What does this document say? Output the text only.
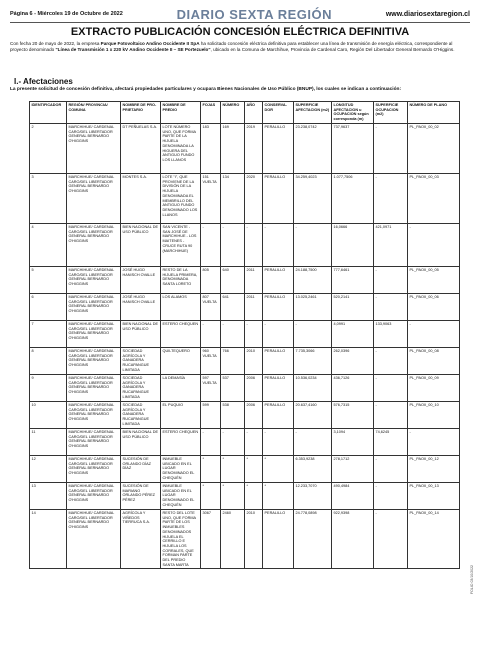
Página 6 - Miércoles 19 de Octubre de 2022	DIARIO SEXTA REGIÓN	www.diariosextaregion.cl
EXTRACTO PUBLICACIÓN CONCESIÓN ELÉCTRICA DEFINITIVA
Con fecha 20 de mayo de 2022, la empresa Parque Fotovoltaico Andino Occidente II SpA ha solicitado concesión eléctrica definitiva para establecer una línea de transmisión de energía eléctrica, correspondiente al proyecto denominado "Línea de Transmisión 1 x 220 kV Andino Occidente II – SE Portezuelo", ubicado en la Comuna de Marchihue, Provincia de Cardenal Caro, Región Del Libertador General Bernardo O'Higgins.
I.- Afectaciones
La presente solicitud de concesión definitiva, afectará propiedades particulares y ocupara Bienes Nacionales de Uso Público (BNUP), los cuales se indican a continuación:
IDENTIFICADOR	REGIÓN/ PROVINCIA/ COMUNA	NOMBRE DE PRO-PRIETARIO	NOMBRE DE PREDIO	FOJAS	NÚMERO	AÑO	CONSERVA-DOR	SUPERFICIE AFECTACION (m2)	LONGITUD AFECTACION u OCUPACION según corresponda (m)	SUPERFICIE OCUPACION (m2)	NÚMERO DE PLANO
2	MARCHIHUE/ CARDENAL CARO/DEL LIBERTADOR GENERAL BERNARDO O'HIGGINS	DT PEÑUELAS S.A.	LOTE NÚMERO UNO, QUE FORMA PARTE DE LA HIJUELA DENOMINADA LA HIGUERA DEL ANTIGUO FUNDO LOS LLANOS	183	169	2019	PERALILLO	23.238,0742	737,9637	-	PL_PAOII_00_02
3	MARCHIHUE/ CARDENAL CARO/DEL LIBERTADOR GENERAL BERNARDO O'HIGGINS	MONTES S.A.	LOTE "I", QUE PROVIENE DE LA DIVISIÓN DE LA HIJUELA DENOMINADA EL MEMBRILLO DEL ANTIGUO FUNDO DENOMINADO LOS LLANOS	151 VUELTA	134	2020	PERALILLO	34.259,4023	1.077,7506	-	PL_PAOII_00_03
4	MARCHIHUE/ CARDENAL CARO/DEL LIBERTADOR GENERAL BERNARDO O'HIGGINS	BIEN NACIONAL DE USO PÚBLICO	SAN VICENTE - SAN JOSÉ DE MARCHIHUE - LOS MAITENES - CRUCE RUTA 90 (MARCHIHUE)	-	-	-	-	-	16,0666	421,0971	-
5	MARCHIHUE/ CARDENAL CARO/DEL LIBERTADOR GENERAL BERNARDO O'HIGGINS	JOSÉ HUGO HANISCH OVALLE	RESTO DE LA HIJUELA PRIMERA, DENOMINADA SANTA LORETO	805	640	2011	PERALILLO	24.188,7500	777,6461	-	PL_PAOII_00_05
6	MARCHIHUE/ CARDENAL CARO/DEL LIBERTADOR GENERAL BERNARDO O'HIGGINS	JOSÉ HUGO HANISCH OVALLE	LOS ALAMOS	807 VUELTA	641	2011	PERALILLO	13.025,2461	520,2141	-	PL_PAOII_00_06
7	MARCHIHUE/ CARDENAL CARO/DEL LIBERTADOR GENERAL BERNARDO O'HIGGINS	BIEN NACIONAL DE USO PÚBLICO	ESTERO CHEQUEN	-	-	-	-	-	4,0991	133,9063	-
8	MARCHIHUE/ CARDENAL CARO/DEL LIBERTADOR GENERAL BERNARDO O'HIGGINS	SOCIEDAD AGRÍCOLA Y GANADERA RUCAPANGUE LIMITADA	QUILTEQUERO	960 VUELTA	766	2010	PERALILLO	7.735,3066	262,0396	-	PL_PAOII_00_08
9	MARCHIHUE/ CARDENAL CARO/DEL LIBERTADOR GENERAL BERNARDO O'HIGGINS	SOCIEDAD AGRÍCOLA Y GANADERA RUCAPANGUE LIMITADA	LA DEMASÍA	597 VUELTA	537	2006	PERALILLO	10.536,0234	436,7126	-	PL_PAOII_00_09
10	MARCHIHUE/ CARDENAL CARO/DEL LIBERTADOR GENERAL BERNARDO O'HIGGINS	SOCIEDAD AGRÍCOLA Y GANADERA RUCAPANGUE LIMITADA	EL PUQUIO	599	538	2006	PERALILLO	20.637,4160	576,7315	-	PL_PAOII_00_10
11	MARCHIHUE/ CARDENAL CARO/DEL LIBERTADOR GENERAL BERNARDO O'HIGGINS	BIEN NACIONAL DE USO PÚBLICO	ESTERO CHEQUEN	-	-	-	-	-	3,1094	74,6245	-
12	MARCHIHUE/ CARDENAL CARO/DEL LIBERTADOR GENERAL BERNARDO O'HIGGINS	SUCESIÓN DE ORLANDO DÍAZ DÍAZ	INMUEBLE UBICADO EN EL LUGAR DENOMINADO EL CHEQUÉN	*	*	*	*	6.353,9238	278,1712	-	PL_PAOII_00_12
13	MARCHIHUE/ CARDENAL CARO/DEL LIBERTADOR GENERAL BERNARDO O'HIGGINS	SUCESIÓN DE MARIANO ORLANDO PÉREZ PÉREZ	INMUEBLE UBICADO EN EL LUGAR DENOMINADO EL CHEQUÉN	*	*	*	*	12.233,7070	490,4984	-	PL_PAOII_00_13
14	MARCHIHUE/ CARDENAL CARO/DEL LIBERTADOR GENERAL BERNARDO O'HIGGINS	AGRÍCOLA Y VIÑEDOS TIERRUCA S.A.	RESTO DEL LOTE UNO, QUE FORMA PARTE DE LOS INMUEBLES DENOMINADOS HIJUELA EL CERRILLO E HIJUELA LOS CORRALES, QUE FORMAN PARTE DEL PREDIO SANTA MARTA	3067	2460	2010	PERALILLO	24.778,0898	922,9398	-	PL_PAOII_00_14
FOLIO 03/10/2022
